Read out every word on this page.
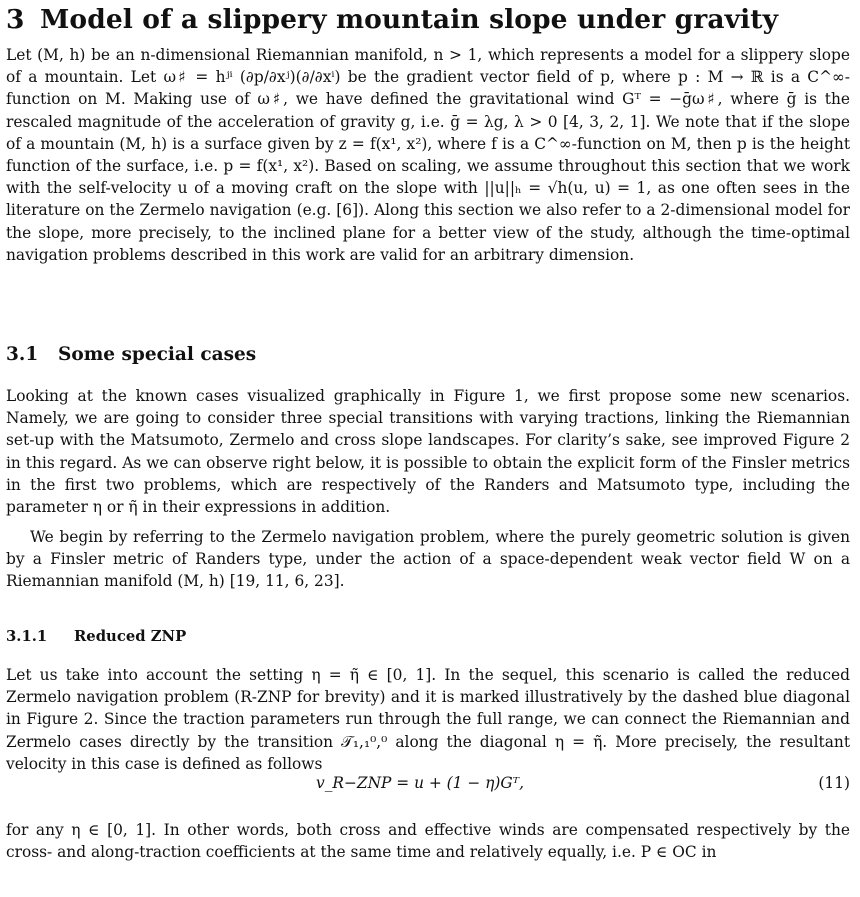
3 Model of a slippery mountain slope under gravity
Let (M, h) be an n-dimensional Riemannian manifold, n > 1, which represents a model for a slippery slope of a mountain. Let ω♯ = hʲⁱ (∂p/∂xʲ)(∂/∂xⁱ) be the gradient vector field of p, where p : M → ℝ is a C^∞-function on M. Making use of ω♯, we have defined the gravitational wind Gᵀ = −ḡω♯, where ḡ is the rescaled magnitude of the acceleration of gravity g, i.e. ḡ = λg, λ > 0 [4, 3, 2, 1]. We note that if the slope of a mountain (M, h) is a surface given by z = f(x¹, x²), where f is a C^∞-function on M, then p is the height function of the surface, i.e. p = f(x¹, x²). Based on scaling, we assume throughout this section that we work with the self-velocity u of a moving craft on the slope with ||u||ₕ = √h(u, u) = 1, as one often sees in the literature on the Zermelo navigation (e.g. [6]). Along this section we also refer to a 2-dimensional model for the slope, more precisely, to the inclined plane for a better view of the study, although the time-optimal navigation problems described in this work are valid for an arbitrary dimension.
3.1 Some special cases
Looking at the known cases visualized graphically in Figure 1, we first propose some new scenarios. Namely, we are going to consider three special transitions with varying tractions, linking the Riemannian set-up with the Matsumoto, Zermelo and cross slope landscapes. For clarity’s sake, see improved Figure 2 in this regard. As we can observe right below, it is possible to obtain the explicit form of the Finsler metrics in the first two problems, which are respectively of the Randers and Matsumoto type, including the parameter η or η̃ in their expressions in addition.
We begin by referring to the Zermelo navigation problem, where the purely geometric solution is given by a Finsler metric of Randers type, under the action of a space-dependent weak vector field W on a Riemannian manifold (M, h) [19, 11, 6, 23].
3.1.1 Reduced ZNP
Let us take into account the setting η = η̃ ∈ [0, 1]. In the sequel, this scenario is called the reduced Zermelo navigation problem (R-ZNP for brevity) and it is marked illustratively by the dashed blue diagonal in Figure 2. Since the traction parameters run through the full range, we can connect the Riemannian and Zermelo cases directly by the transition 𝒯₁,₁⁰,⁰ along the diagonal η = η̃. More precisely, the resultant velocity in this case is defined as follows
v_R−ZNP = u + (1 − η)Gᵀ,	(11)
for any η ∈ [0, 1]. In other words, both cross and effective winds are compensated respectively by the cross- and along-traction coefficients at the same time and relatively equally, i.e. P ∈ OC in
